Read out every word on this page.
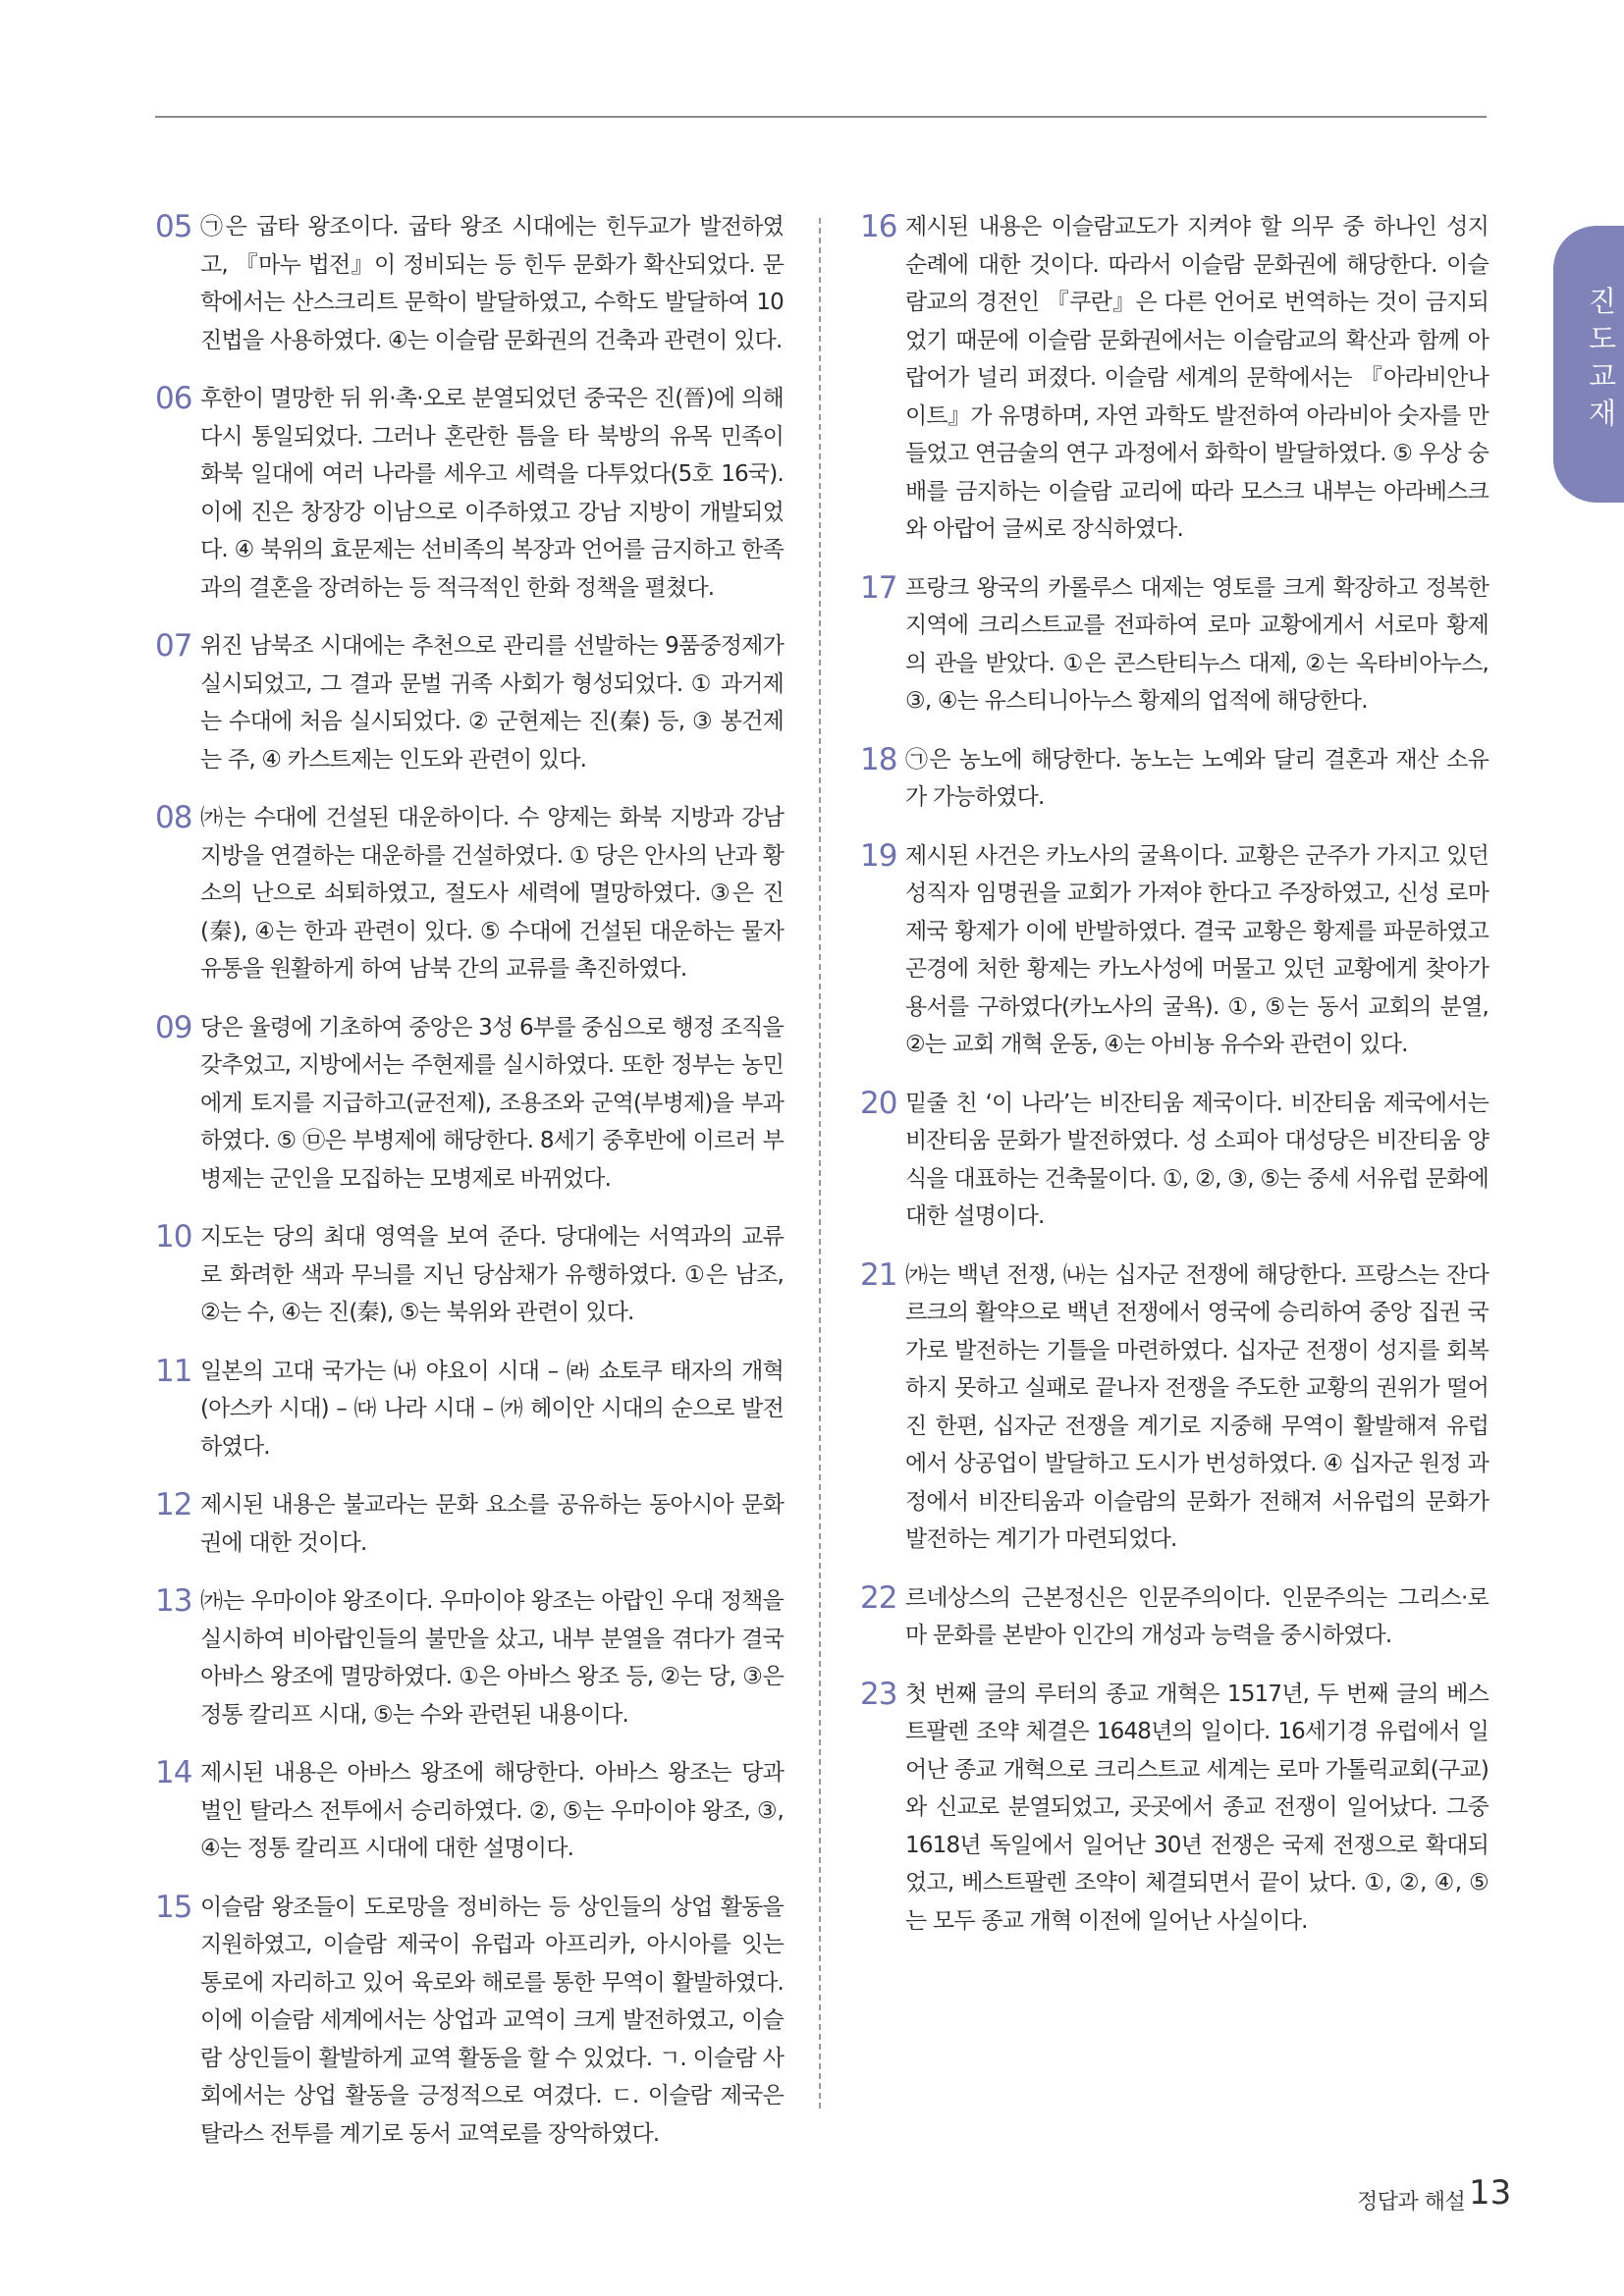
05 ㉠은 굽타 왕조이다. 굽타 왕조 시대에는 힌두교가 발전하였고, 『마누 법전』이 정비되는 등 힌두 문화가 확산되었다. 문학에서는 산스크리트 문학이 발달하였고, 수학도 발달하여 10진법을 사용하였다. ④는 이슬람 문화권의 건축과 관련이 있다.
06 후한이 멸망한 뒤 위·촉·오로 분열되었던 중국은 진(晉)에 의해 다시 통일되었다. 그러나 혼란한 틈을 타 북방의 유목 민족이 화북 일대에 여러 나라를 세우고 세력을 다투었다(5호 16국). 이에 진은 창장강 이남으로 이주하였고 강남 지방이 개발되었다. ④ 북위의 효문제는 선비족의 복장과 언어를 금지하고 한족과의 결혼을 장려하는 등 적극적인 한화 정책을 펼쳤다.
07 위진 남북조 시대에는 추천으로 관리를 선발하는 9품중정제가 실시되었고, 그 결과 문벌 귀족 사회가 형성되었다. ① 과거제는 수대에 처음 실시되었다. ② 군현제는 진(秦) 등, ③ 봉건제는 주, ④ 카스트제는 인도와 관련이 있다.
08 ㈎는 수대에 건설된 대운하이다. 수 양제는 화북 지방과 강남 지방을 연결하는 대운하를 건설하였다. ① 당은 안사의 난과 황소의 난으로 쇠퇴하였고, 절도사 세력에 멸망하였다. ③은 진(秦), ④는 한과 관련이 있다. ⑤ 수대에 건설된 대운하는 물자 유통을 원활하게 하여 남북 간의 교류를 촉진하였다.
09 당은 율령에 기초하여 중앙은 3성 6부를 중심으로 행정 조직을 갖추었고, 지방에서는 주현제를 실시하였다. 또한 정부는 농민에게 토지를 지급하고(균전제), 조용조와 군역(부병제)을 부과하였다. ⑤ ㉤은 부병제에 해당한다. 8세기 중후반에 이르러 부병제는 군인을 모집하는 모병제로 바뀌었다.
10 지도는 당의 최대 영역을 보여 준다. 당대에는 서역과의 교류로 화려한 색과 무늬를 지닌 당삼채가 유행하였다. ①은 남조, ②는 수, ④는 진(秦), ⑤는 북위와 관련이 있다.
11 일본의 고대 국가는 ㈏ 야요이 시대 – ㈑ 쇼토쿠 태자의 개혁(아스카 시대) – ㈐ 나라 시대 – ㈎ 헤이안 시대의 순으로 발전하였다.
12 제시된 내용은 불교라는 문화 요소를 공유하는 동아시아 문화권에 대한 것이다.
13 ㈎는 우마이야 왕조이다. 우마이야 왕조는 아랍인 우대 정책을 실시하여 비아랍인들의 불만을 샀고, 내부 분열을 겪다가 결국 아바스 왕조에 멸망하였다. ①은 아바스 왕조 등, ②는 당, ③은 정통 칼리프 시대, ⑤는 수와 관련된 내용이다.
14 제시된 내용은 아바스 왕조에 해당한다. 아바스 왕조는 당과 벌인 탈라스 전투에서 승리하였다. ②, ⑤는 우마이야 왕조, ③, ④는 정통 칼리프 시대에 대한 설명이다.
15 이슬람 왕조들이 도로망을 정비하는 등 상인들의 상업 활동을 지원하였고, 이슬람 제국이 유럽과 아프리카, 아시아를 잇는 통로에 자리하고 있어 육로와 해로를 통한 무역이 활발하였다. 이에 이슬람 세계에서는 상업과 교역이 크게 발전하였고, 이슬람 상인들이 활발하게 교역 활동을 할 수 있었다. ㄱ. 이슬람 사회에서는 상업 활동을 긍정적으로 여겼다. ㄷ. 이슬람 제국은 탈라스 전투를 계기로 동서 교역로를 장악하였다.
16 제시된 내용은 이슬람교도가 지켜야 할 의무 중 하나인 성지 순례에 대한 것이다. 따라서 이슬람 문화권에 해당한다. 이슬람교의 경전인 『쿠란』은 다른 언어로 번역하는 것이 금지되었기 때문에 이슬람 문화권에서는 이슬람교의 확산과 함께 아랍어가 널리 퍼졌다. 이슬람 세계의 문학에서는 『아라비안나이트』가 유명하며, 자연 과학도 발전하여 아라비아 숫자를 만들었고 연금술의 연구 과정에서 화학이 발달하였다. ⑤ 우상 숭배를 금지하는 이슬람 교리에 따라 모스크 내부는 아라베스크와 아랍어 글씨로 장식하였다.
17 프랑크 왕국의 카롤루스 대제는 영토를 크게 확장하고 정복한 지역에 크리스트교를 전파하여 로마 교황에게서 서로마 황제의 관을 받았다. ①은 콘스탄티누스 대제, ②는 옥타비아누스, ③, ④는 유스티니아누스 황제의 업적에 해당한다.
18 ㉠은 농노에 해당한다. 농노는 노예와 달리 결혼과 재산 소유가 가능하였다.
19 제시된 사건은 카노사의 굴욕이다. 교황은 군주가 가지고 있던 성직자 임명권을 교회가 가져야 한다고 주장하였고, 신성 로마 제국 황제가 이에 반발하였다. 결국 교황은 황제를 파문하였고 곤경에 처한 황제는 카노사성에 머물고 있던 교황에게 찾아가 용서를 구하였다(카노사의 굴욕). ①, ⑤는 동서 교회의 분열, ②는 교회 개혁 운동, ④는 아비뇽 유수와 관련이 있다.
20 밑줄 친 ‘이 나라’는 비잔티움 제국이다. 비잔티움 제국에서는 비잔티움 문화가 발전하였다. 성 소피아 대성당은 비잔티움 양식을 대표하는 건축물이다. ①, ②, ③, ⑤는 중세 서유럽 문화에 대한 설명이다.
21 ㈎는 백년 전쟁, ㈏는 십자군 전쟁에 해당한다. 프랑스는 잔다르크의 활약으로 백년 전쟁에서 영국에 승리하여 중앙 집권 국가로 발전하는 기틀을 마련하였다. 십자군 전쟁이 성지를 회복하지 못하고 실패로 끝나자 전쟁을 주도한 교황의 권위가 떨어진 한편, 십자군 전쟁을 계기로 지중해 무역이 활발해져 유럽에서 상공업이 발달하고 도시가 번성하였다. ④ 십자군 원정 과정에서 비잔티움과 이슬람의 문화가 전해져 서유럽의 문화가 발전하는 계기가 마련되었다.
22 르네상스의 근본정신은 인문주의이다. 인문주의는 그리스·로마 문화를 본받아 인간의 개성과 능력을 중시하였다.
23 첫 번째 글의 루터의 종교 개혁은 1517년, 두 번째 글의 베스트팔렌 조약 체결은 1648년의 일이다. 16세기경 유럽에서 일어난 종교 개혁으로 크리스트교 세계는 로마 가톨릭교회(구교)와 신교로 분열되었고, 곳곳에서 종교 전쟁이 일어났다. 그중 1618년 독일에서 일어난 30년 전쟁은 국제 전쟁으로 확대되었고, 베스트팔렌 조약이 체결되면서 끝이 났다. ①, ②, ④, ⑤는 모두 종교 개혁 이전에 일어난 사실이다.
진도 교재
정답과 해설 13
